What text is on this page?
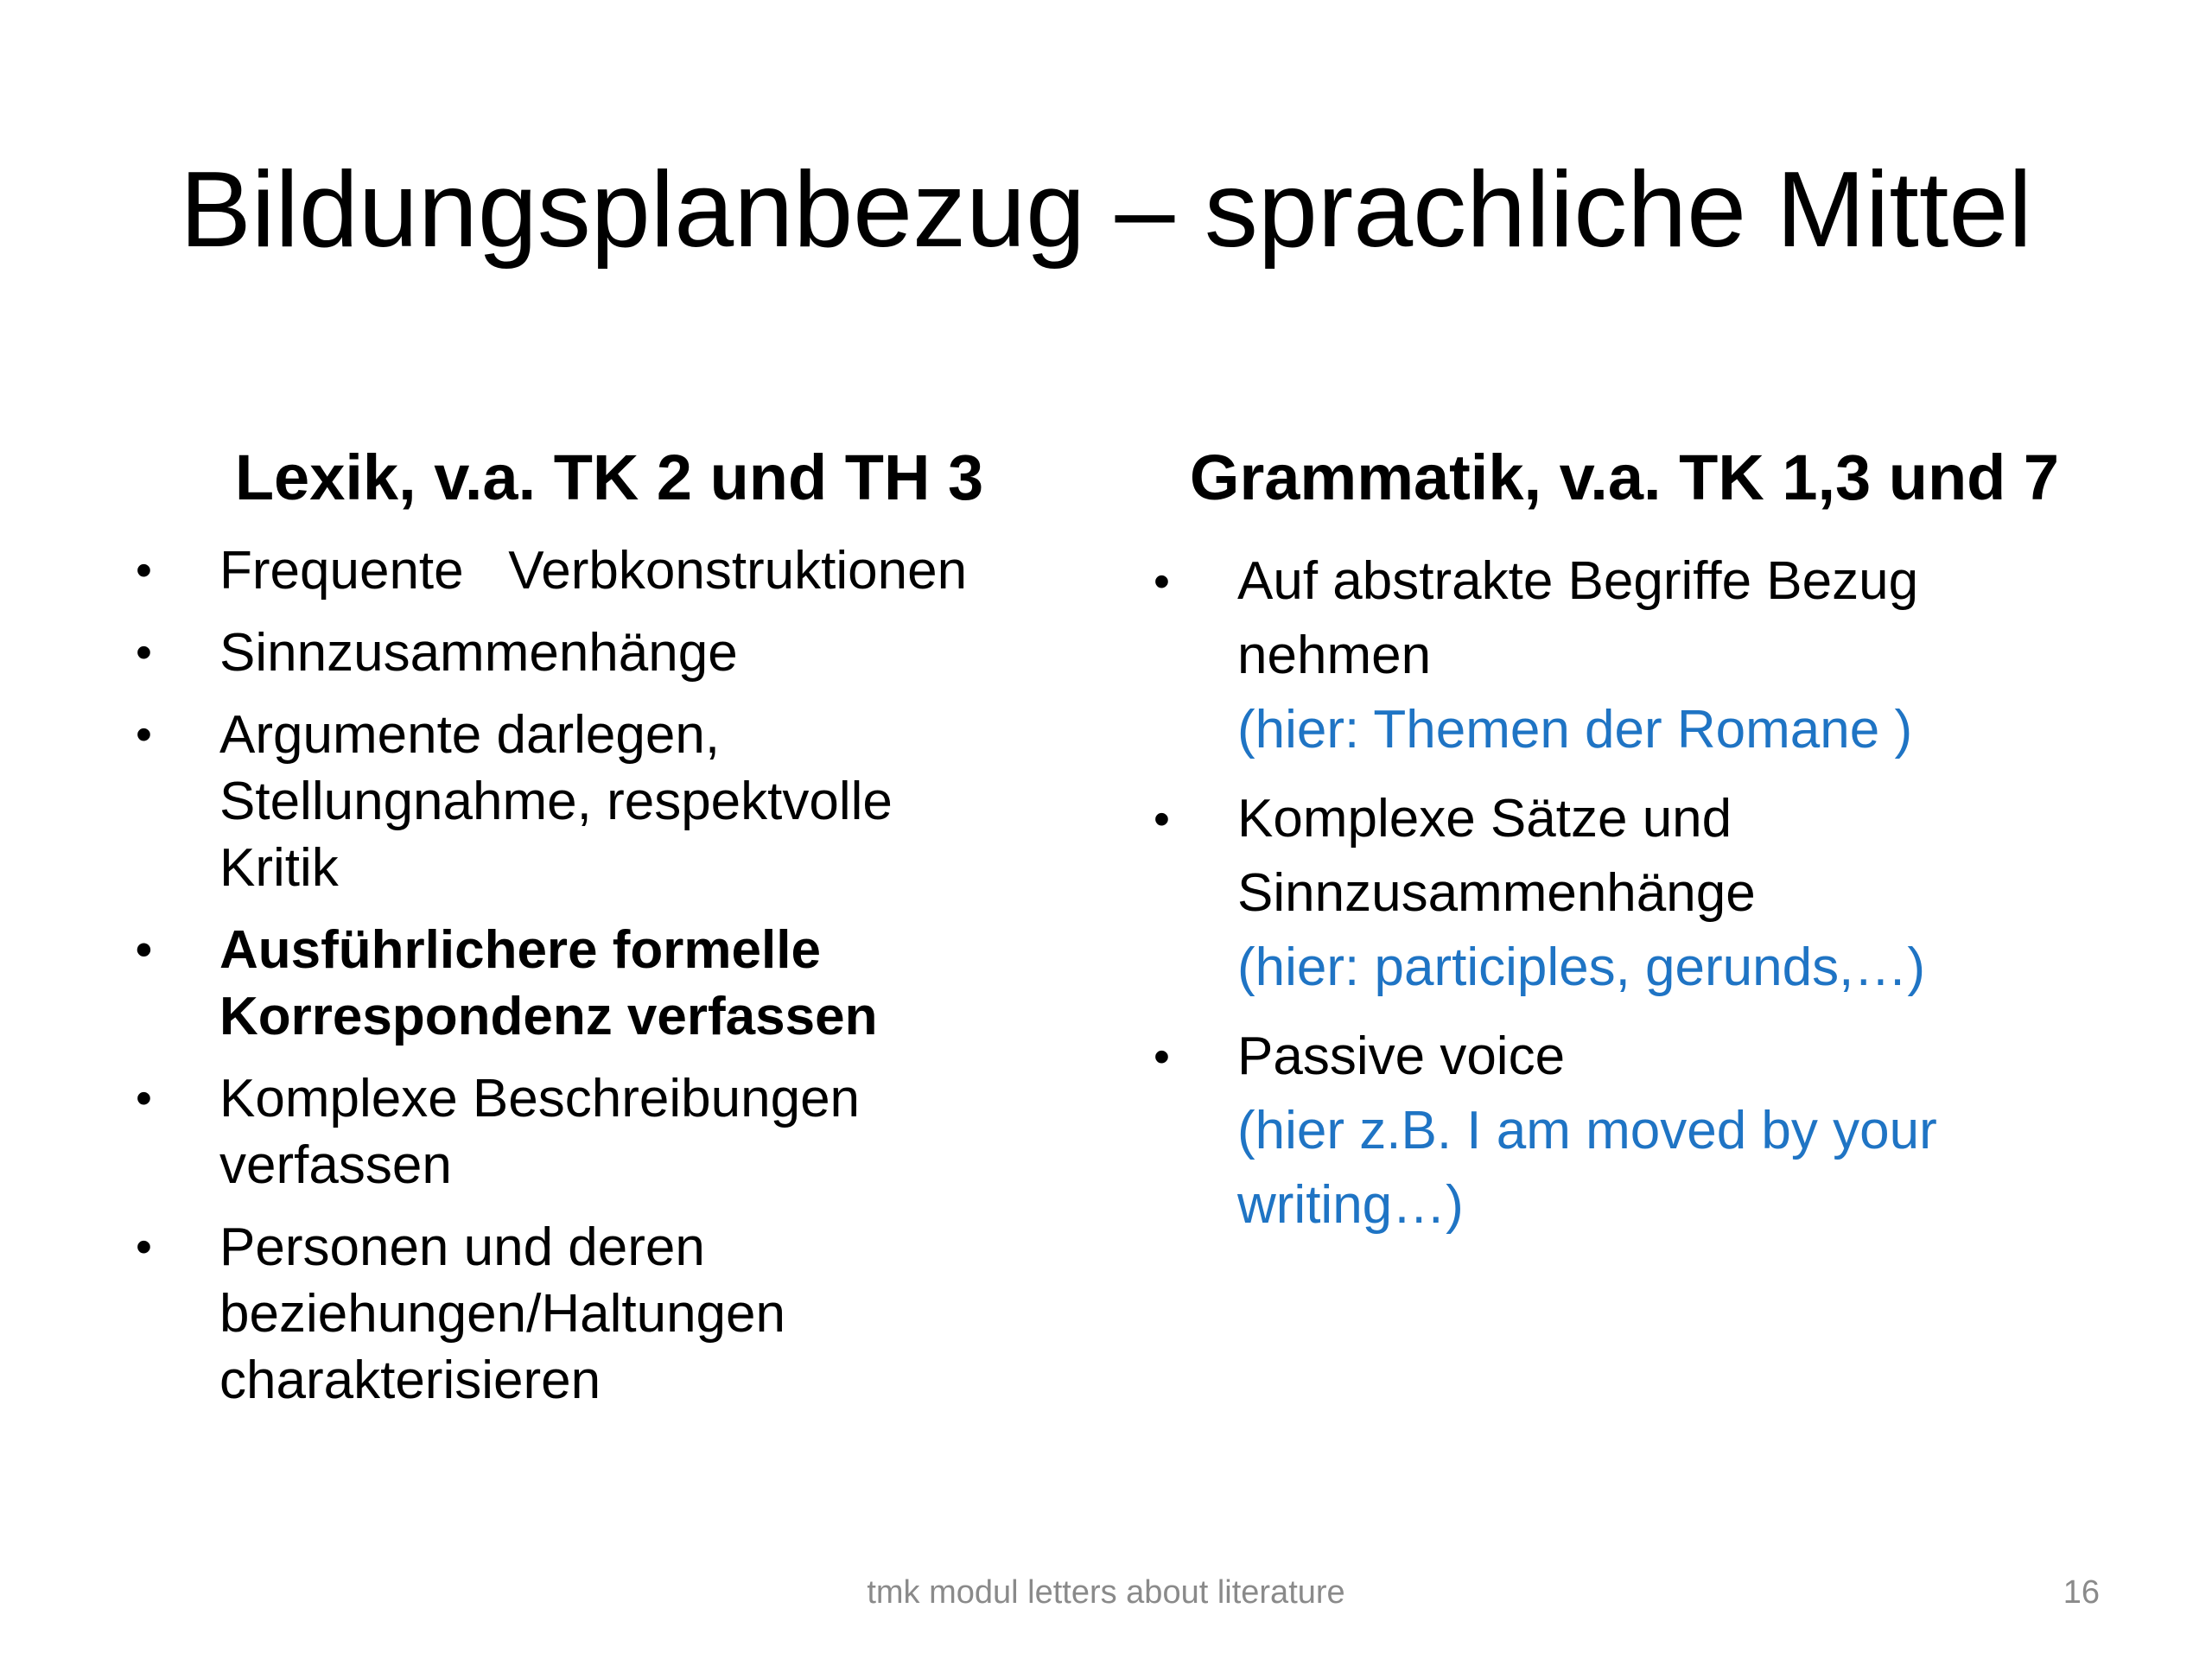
Bildungsplanbezug – sprachliche Mittel
Lexik, v.a. TK 2 und TH 3	Grammatik, v.a. TK 1,3 und 7
• Frequente   Verbkonstruktionen
• Sinnzusammenhänge
• Argumente darlegen,
Stellungnahme, respektvolle
Kritik
• Ausführlichere formelle
Korrespondenz verfassen
• Komplexe Beschreibungen
verfassen
• Personen und deren
beziehungen/Haltungen
charakterisieren
• Auf abstrakte Begriffe Bezug
nehmen
(hier: Themen der Romane )
• Komplexe Sätze und
Sinnzusammenhänge
(hier: participles, gerunds,…)
• Passive voice
(hier z.B. I am moved by your
writing…)
tmk modul letters about literature	16
